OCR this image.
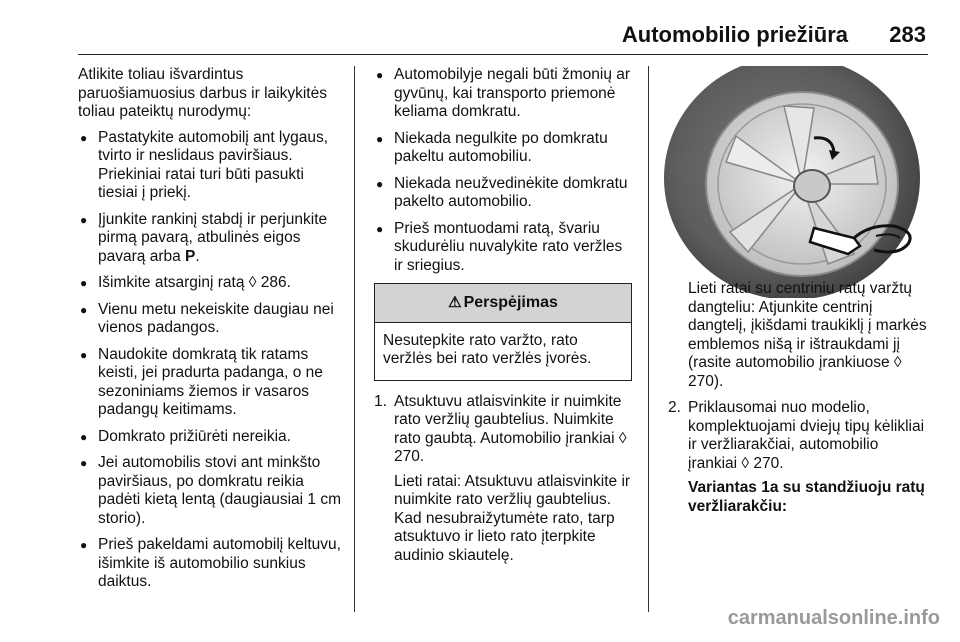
Automobilio priežiūra	283

Atlikite toliau išvardintus paruošiamuosius darbus ir laikykitės toliau pateiktų nurodymų:

● Pastatykite automobilį ant lygaus, tvirto ir neslidaus paviršiaus. Priekiniai ratai turi būti pasukti tiesiai į priekį.
● Įjunkite rankinį stabdį ir perjunkite pirmą pavarą, atbulinės eigos pavarą arba P.
● Išimkite atsarginį ratą ◊ 286.
● Vienu metu nekeiskite daugiau nei vienos padangos.
● Naudokite domkratą tik ratams keisti, jei pradurta padanga, o ne sezoniniams žiemos ir vasaros padangų keitimams.
● Domkrato prižiūrėti nereikia.
● Jei automobilis stovi ant minkšto paviršiaus, po domkratu reikia padėti kietą lentą (daugiausiai 1 cm storio).
● Prieš pakeldami automobilį keltuvu, išimkite iš automobilio sunkius daiktus.
● Automobilyje negali būti žmonių ar gyvūnų, kai transporto priemonė keliama domkratu.
● Niekada negulkite po domkratu pakeltu automobiliu.
● Niekada neužvedinėkite domkratu pakelto automobilio.
● Prieš montuodami ratą, švariu skudurėliu nuvalykite rato veržles ir sriegius.
⚠ Perspėjimas
Nesutepkite rato varžto, rato veržlės bei rato veržlės įvorės.
1. Atsuktuvu atlaisvinkite ir nuimkite rato veržlių gaubtelius. Nuimkite rato gaubtą. Automobilio įrankiai ◊ 270.

Lieti ratai: Atsuktuvu atlaisvinkite ir nuimkite rato veržlių gaubtelius. Kad nesubraižytumėte rato, tarp atsuktuvo ir lieto rato įterpkite audinio skiautelę.

Lieti ratai su centriniu ratų varžtų dangteliu: Atjunkite centrinį dangtelį, įkišdami traukiklį į markės emblemos nišą ir ištraukdami jį (rasite automobilio įrankiuose ◊ 270).

2. Priklausomai nuo modelio, komplektuojami dviejų tipų kėlikliai ir veržliarakčiai, automobilio įrankiai ◊ 270.

Variantas 1a su standžiuoju ratų veržliarakčiu:

carmanualsonline.info
